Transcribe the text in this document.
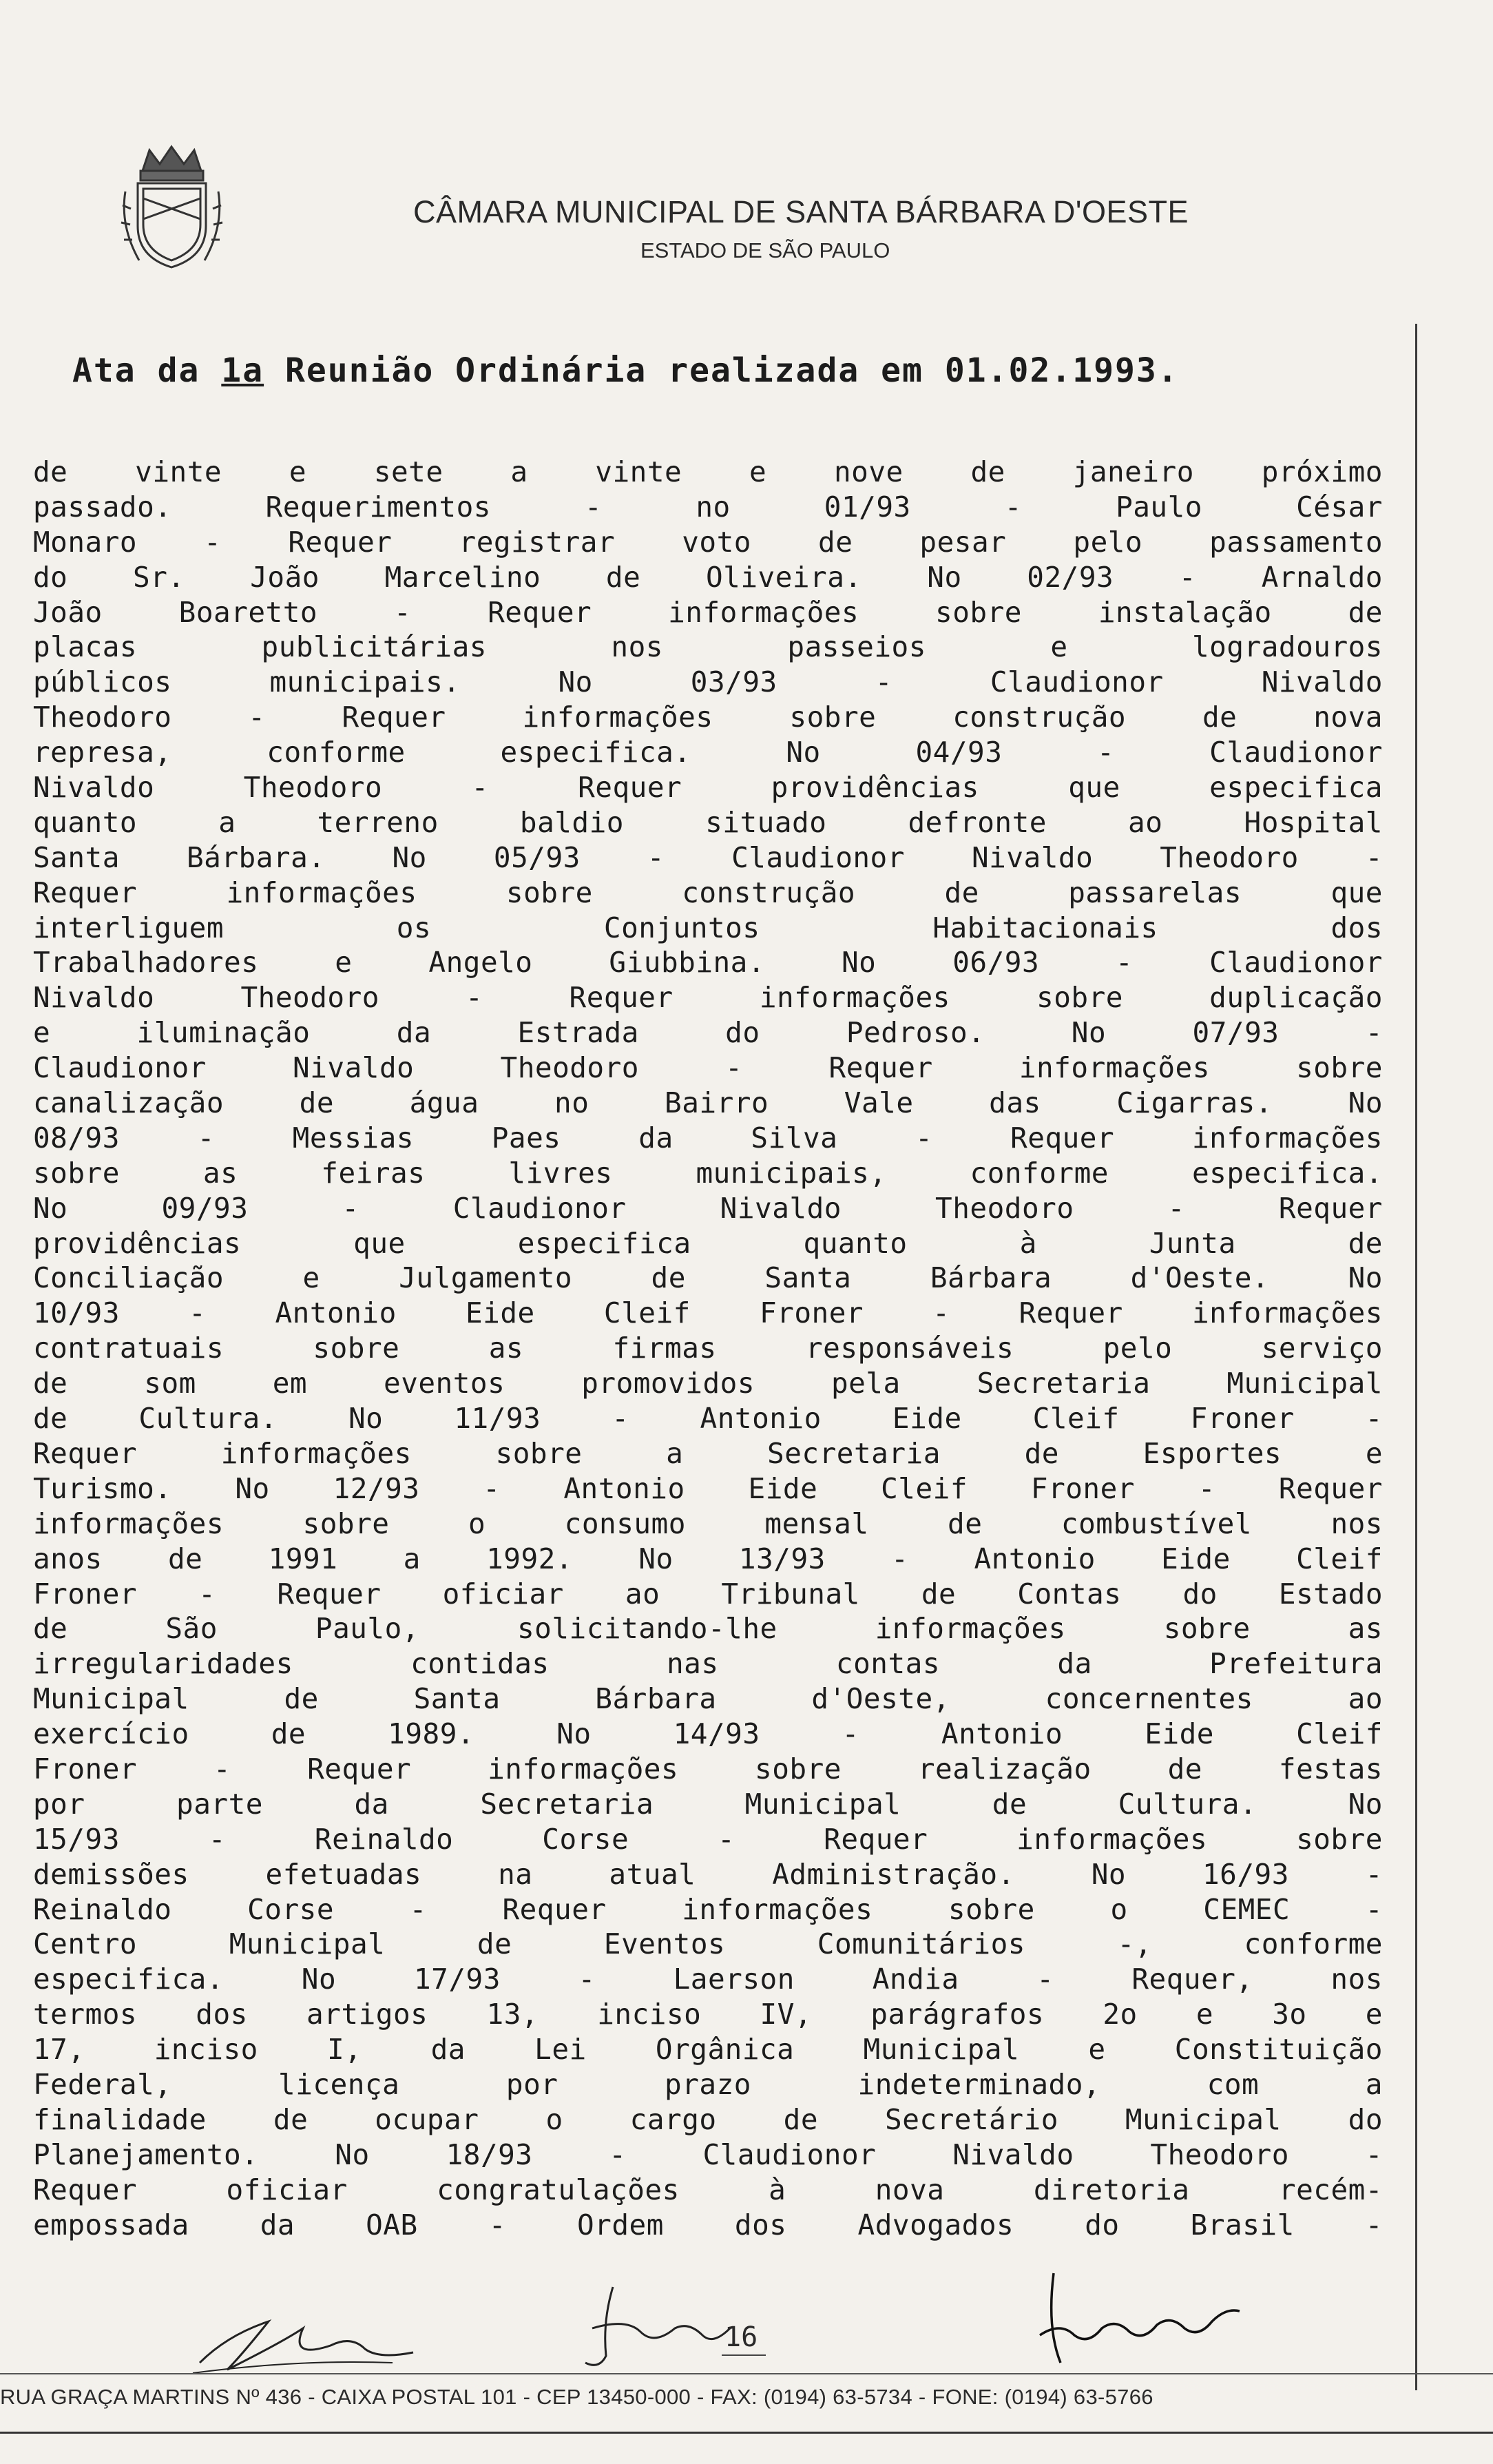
CÂMARA MUNICIPAL DE SANTA BÁRBARA D'OESTE
ESTADO DE SÃO PAULO
Ata da 1a Reunião Ordinária realizada em 01.02.1993.
de vinte e sete a vinte e nove de janeiro próximo
passado. Requerimentos - no 01/93 - Paulo César
Monaro - Requer registrar voto de pesar pelo passamento
do Sr. João Marcelino de Oliveira. No 02/93 - Arnaldo
João Boaretto - Requer informações sobre instalação de
placas publicitárias nos passeios e logradouros
públicos municipais. No 03/93 - Claudionor Nivaldo
Theodoro - Requer informações sobre construção de nova
represa, conforme especifica. No 04/93 - Claudionor
Nivaldo Theodoro - Requer providências que especifica
quanto a terreno baldio situado defronte ao Hospital
Santa Bárbara. No 05/93 - Claudionor Nivaldo Theodoro -
Requer informações sobre construção de passarelas que
interliguem os Conjuntos Habitacionais dos
Trabalhadores e Angelo Giubbina. No 06/93 - Claudionor
Nivaldo Theodoro - Requer informações sobre duplicação
e iluminação da Estrada do Pedroso. No 07/93 -
Claudionor Nivaldo Theodoro - Requer informações sobre
canalização de água no Bairro Vale das Cigarras. No
08/93 - Messias Paes da Silva - Requer informações
sobre as feiras livres municipais, conforme especifica.
No 09/93 - Claudionor Nivaldo Theodoro - Requer
providências que especifica quanto à Junta de
Conciliação e Julgamento de Santa Bárbara d'Oeste. No
10/93 - Antonio Eide Cleif Froner - Requer informações
contratuais sobre as firmas responsáveis pelo serviço
de som em eventos promovidos pela Secretaria Municipal
de Cultura. No 11/93 - Antonio Eide Cleif Froner -
Requer informações sobre a Secretaria de Esportes e
Turismo. No 12/93 - Antonio Eide Cleif Froner - Requer
informações sobre o consumo mensal de combustível nos
anos de 1991 a 1992. No 13/93 - Antonio Eide Cleif
Froner - Requer oficiar ao Tribunal de Contas do Estado
de São Paulo, solicitando-lhe informações sobre as
irregularidades contidas nas contas da Prefeitura
Municipal de Santa Bárbara d'Oeste, concernentes ao
exercício de 1989. No 14/93 - Antonio Eide Cleif
Froner - Requer informações sobre realização de festas
por parte da Secretaria Municipal de Cultura. No
15/93 - Reinaldo Corse - Requer informações sobre
demissões efetuadas na atual Administração. No 16/93 -
Reinaldo Corse - Requer informações sobre o CEMEC -
Centro Municipal de Eventos Comunitários -, conforme
especifica. No 17/93 - Laerson Andia - Requer, nos
termos dos artigos 13, inciso IV, parágrafos 2o e 3o e
17, inciso I, da Lei Orgânica Municipal e Constituição
Federal, licença por prazo indeterminado, com a
finalidade de ocupar o cargo de Secretário Municipal do
Planejamento. No 18/93 - Claudionor Nivaldo Theodoro -
Requer oficiar congratulações à nova diretoria recém-
empossada da OAB - Ordem dos Advogados do Brasil -
16
RUA GRAÇA MARTINS Nº 436 - CAIXA POSTAL 101 - CEP 13450-000 - FAX: (0194) 63-5734 - FONE: (0194) 63-5766
